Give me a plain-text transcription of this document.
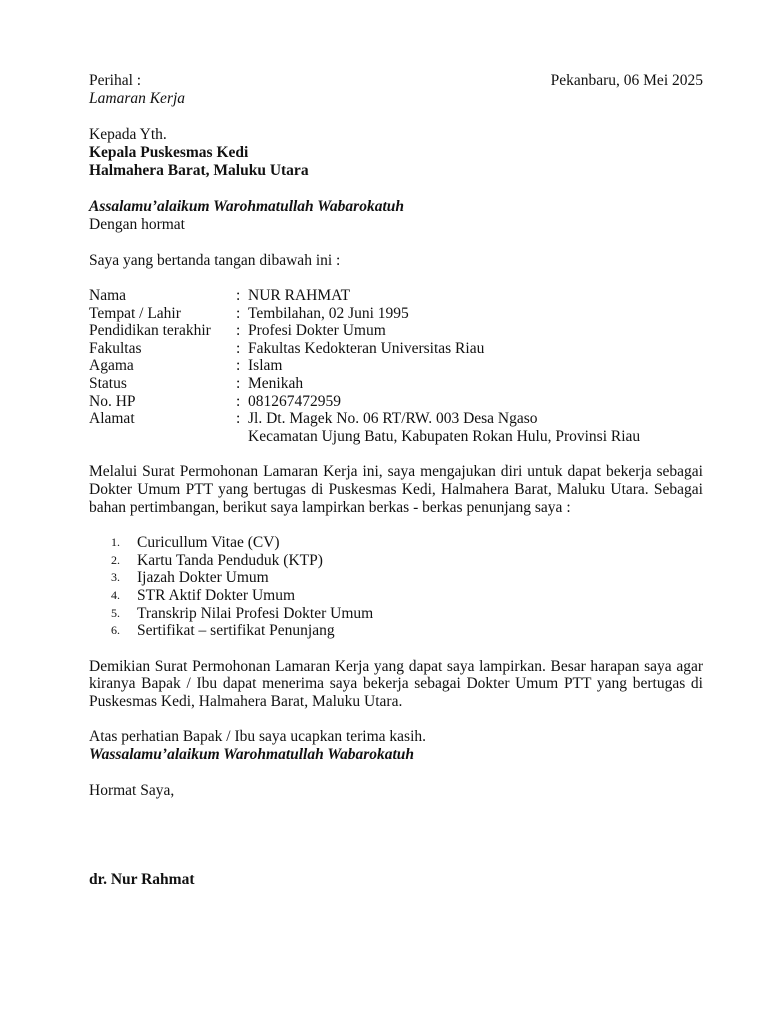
Perihal :	Pekanbaru, 06 Mei 2025
Lamaran Kerja
Kepada Yth.
Kepala Puskesmas Kedi
Halmahera Barat, Maluku Utara
Assalamu’alaikum Warohmatullah Wabarokatuh
Dengan hormat
Saya yang bertanda tangan dibawah ini :
Nama	: NUR RAHMAT
Tempat / Lahir	: Tembilahan, 02 Juni 1995
Pendidikan terakhir	: Profesi Dokter Umum
Fakultas	: Fakultas Kedokteran Universitas Riau
Agama	: Islam
Status	: Menikah
No. HP	: 081267472959
Alamat	: Jl. Dt. Magek No. 06 RT/RW. 003 Desa Ngaso
Kecamatan Ujung Batu, Kabupaten Rokan Hulu, Provinsi Riau
Melalui Surat Permohonan Lamaran Kerja ini, saya mengajukan diri untuk dapat bekerja sebagai Dokter Umum PTT yang bertugas di Puskesmas Kedi, Halmahera Barat, Maluku Utara. Sebagai bahan pertimbangan, berikut saya lampirkan berkas - berkas penunjang saya :
1.	Curicullum Vitae (CV)
2.	Kartu Tanda Penduduk (KTP)
3.	Ijazah Dokter Umum
4.	STR Aktif Dokter Umum
5.	Transkrip Nilai Profesi Dokter Umum
6.	Sertifikat – sertifikat Penunjang
Demikian Surat Permohonan Lamaran Kerja yang dapat saya lampirkan. Besar harapan saya agar kiranya Bapak / Ibu dapat menerima saya bekerja sebagai Dokter Umum PTT yang bertugas di Puskesmas Kedi, Halmahera Barat, Maluku Utara.
Atas perhatian Bapak / Ibu saya ucapkan terima kasih.
Wassalamu’alaikum Warohmatullah Wabarokatuh
Hormat Saya,
dr. Nur Rahmat
